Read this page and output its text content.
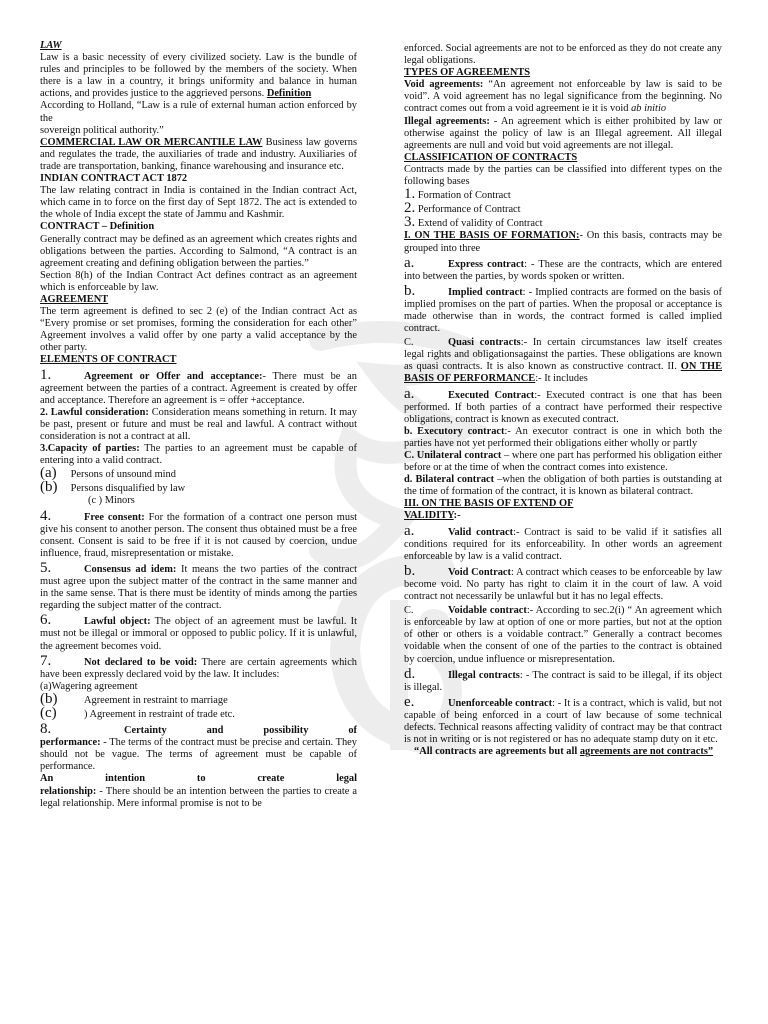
LAW

Law is a basic necessity of every civilized society. Law is the bundle of rules and principles to be followed by the members of the society. When there is a law in a country, it brings uniformity and balance in human actions, and provides justice to the aggrieved persons. Definition

According to Holland, “Law is a rule of external human action enforced by the

sovereign political authority.”

COMMERCIAL LAW OR MERCANTILE LAW Business law governs and regulates the trade, the auxiliaries of trade and industry. Auxiliaries of trade are transportation, banking, finance warehousing and insurance etc.

INDIAN CONTRACT ACT 1872

The law relating contract in India is contained in the Indian contract Act, which came in to force on the first day of Sept 1872. The act is extended to the whole of India except the state of Jammu and Kashmir.

CONTRACT – Definition

Generally contract may be defined as an agreement which creates rights and obligations between the parties. According to Salmond, “A contract is an agreement creating and defining obligation between the parties.”

Section 8(h) of the Indian Contract Act defines contract as an agreement which is enforceable by law.

AGREEMENT

The term agreement is defined to sec 2 (e) of the Indian contract Act as “Every promise or set promises, forming the consideration for each other” Agreement involves a valid offer by one party a valid acceptance by the other party.

ELEMENTS OF CONTRACT

1.	Agreement or Offer and acceptance:- There must be an agreement between the parties of a contract. Agreement is created by offer and acceptance. Therefore an agreement is = offer +acceptance.

2. Lawful consideration: Consideration means something in return. It may be past, present or future and must be real and lawful. A contract without consideration is not a contract at all.

3.Capacity of parties: The parties to an agreement must be capable of entering into a valid contract.

(a) Persons of unsound mind

(b) Persons disqualified by law

(c ) Minors

4.	Free consent: For the formation of a contract one person must give his consent to another person. The consent thus obtained must be a free consent. Consent is said to be free if it is not caused by coercion, undue influence, fraud, misrepresentation or mistake.

5.	Consensus ad idem: It means the two parties of the contract must agree upon the subject matter of the contract in the same manner and in the same sense. That is there must be identity of minds among the parties regarding the subject matter of the contract.

6.	Lawful object: The object of an agreement must be lawful. It must not be illegal or immoral or opposed to public policy. If it is unlawful, the agreement becomes void.

7.	Not declared to be void: There are certain agreements which have been expressly declared void by the law. It includes:

(a)Wagering agreement

(b)	Agreement in restraint to marriage

(c)	) Agreement in restraint of trade etc.

8.	Certainty	and	possibility	of

performance: - The terms of the contract must be precise and certain. They should not be vague. The terms of agreement must be capable of performance.

An	intention	to	create	legal

relationship: - There should be an intention between the parties to create a legal relationship. Mere informal promise is not to be

enforced. Social agreements are not to be enforced as they do not create any legal obligations.

TYPES OF AGREEMENTS

Void agreements: “An agreement not enforceable by law is said to be void”. A void agreement has no legal significance from the beginning. No contract comes out from a void agreement ie it is void ab initio

Illegal agreements: - An agreement which is either prohibited by law or otherwise against the policy of law is an Illegal agreement. All illegal agreements are null and void but void agreements are not illegal.

CLASSIFICATION OF CONTRACTS

Contracts made by the parties can be classified into different types on the following bases

1. Formation of Contract

2. Performance of Contract

3. Extend of validity of Contract

I. ON THE BASIS OF FORMATION:- On this basis, contracts may be grouped into three

a.	Express contract: - These are the contracts, which are entered into between the parties, by words spoken or written.

b.	Implied contract: - Implied contracts are formed on the basis of implied promises on the part of parties. When the proposal or acceptance is made otherwise than in words, the contract formed is called implied contract.

C.	Quasi contracts:- In certain circumstances law itself creates legal rights and obligationsagainst the parties. These obligations are known as quasi contracts. It is also known as constructive contract. II. ON THE BASIS OF PERFORMANCE:- It includes

a.	Executed Contract:- Executed contract is one that has been performed. If both parties of a contract have performed their respective obligations, contract is known as executed contract.

b. Executory contract:- An executor contract is one in which both the parties have not yet performed their obligations either wholly or partly

C. Unilateral contract – where one part has performed his obligation either before or at the time of when the contract comes into existence.

d. Bilateral contract –when the obligation of both parties is outstanding at the time of formation of the contract, it is known as bilateral contract.

III. ON THE BASIS OF EXTEND OF

VALIDITY:-

a.	Valid contract:- Contract is said to be valid if it satisfies all conditions required for its enforceability. In other words an agreement enforceable by law is a valid contract.

b.	Void Contract: A contract which ceases to be enforceable by law become void. No party has right to claim it in the court of law. A void contract not necessarily be unlawful but it has no legal effects.

C.	Voidable contract:- According to sec.2(i) “ An agreement which is enforceable by law at option of one or more parties, but not at the option of other or others is a voidable contract.” Generally a contract becomes voidable when the consent of one of the parties to the contract is obtained by coercion, undue influence or misrepresentation.

d.	Illegal contracts: - The contract is said to be illegal, if its object is illegal.

e.	Unenforceable contract: - It is a contract, which is valid, but not capable of being enforced in a court of law because of some technical defects. Technical reasons affecting validity of contract may be that contract is not in writing or is not registered or has no adequate stamp duty on it etc.

“All contracts are agreements but all agreements are not contracts”
